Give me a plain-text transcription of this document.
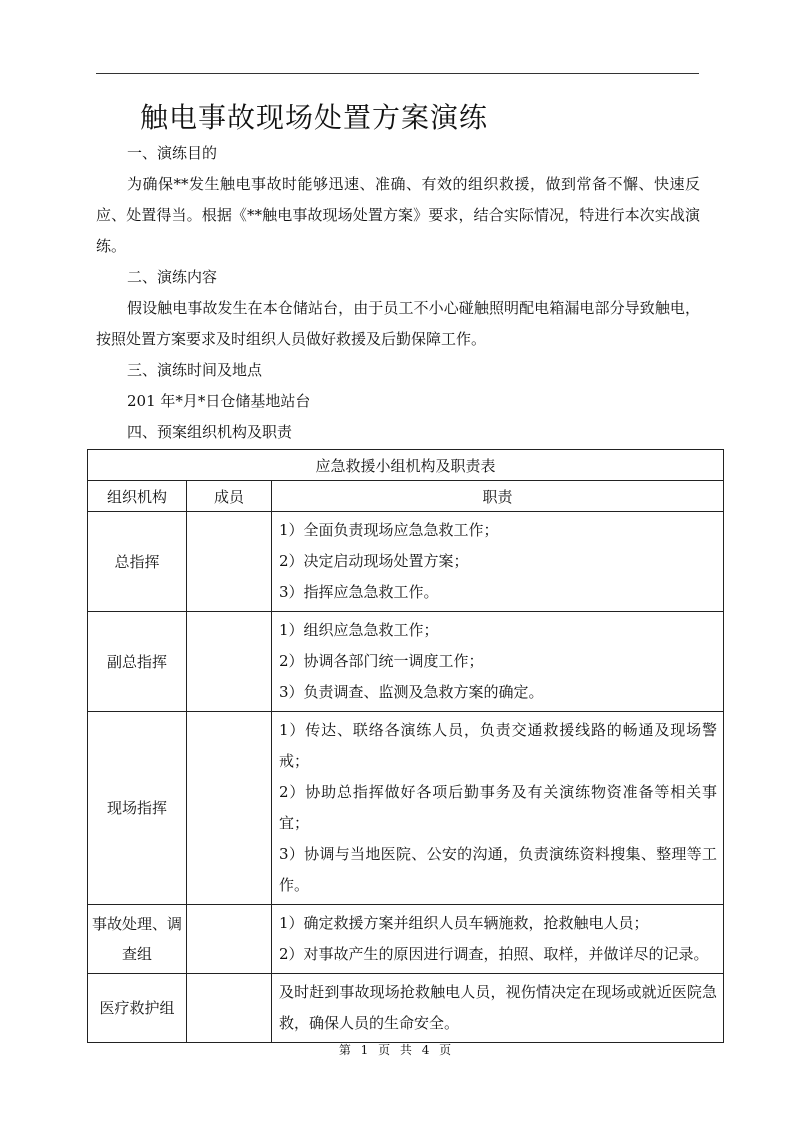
触电事故现场处置方案演练
一、演练目的

为确保**发生触电事故时能够迅速、准确、有效的组织救援，做到常备不懈、快速反应、处置得当。根据《**触电事故现场处置方案》要求，结合实际情况，特进行本次实战演练。

二、演练内容

假设触电事故发生在本仓储站台，由于员工不小心碰触照明配电箱漏电部分导致触电，按照处置方案要求及时组织人员做好救援及后勤保障工作。

三、演练时间及地点
201 年*月*日仓储基地站台
四、预案组织机构及职责
应急救援小组机构及职责表		
组织机构	成员	职责
总指挥		1）全面负责现场应急急救工作；
2）决定启动现场处置方案；
3）指挥应急急救工作。

副总指挥		1）组织应急急救工作；
2）协调各部门统一调度工作；
3）负责调查、监测及急救方案的确定。

现场指挥		1）传达、联络各演练人员，负责交通救援线路的畅通及现场警戒；
2）协助总指挥做好各项后勤事务及有关演练物资准备等相关事宜；
3）协调与当地医院、公安的沟通，负责演练资料搜集、整理等工作。

事故处理、调查组		1）确定救援方案并组织人员车辆施救，抢救触电人员；
2）对事故产生的原因进行调查，拍照、取样，并做详尽的记录。

医疗救护组		及时赶到事故现场抢救触电人员，视伤情决定在现场或就近医院急救，确保人员的生命安全。
第 1 页 共 4 页
